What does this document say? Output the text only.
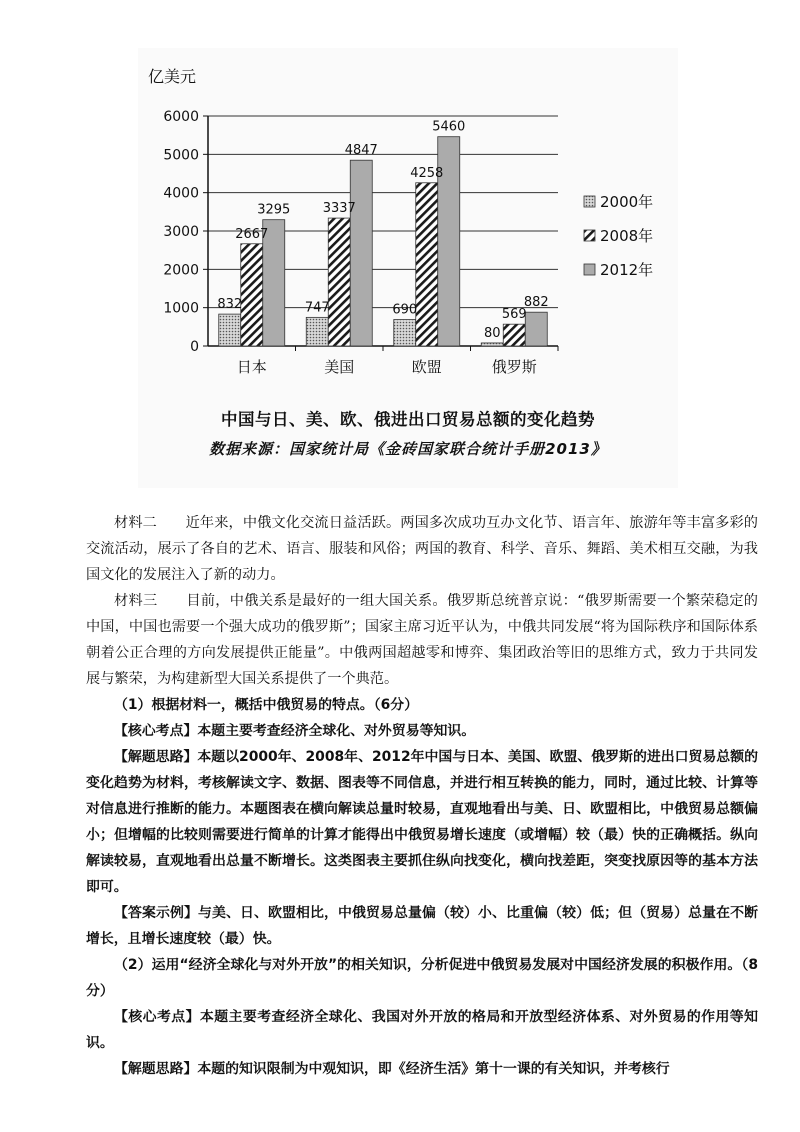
亿美元
0
1000
2000
3000
4000
5000
6000
832
2667
3295
日本
747
3337
4847
美国
690
4258
5460
欧盟
80
569
882
俄罗斯
2000年
2008年
2012年
中国与日、美、欧、俄进出口贸易总额的变化趋势
数据来源：国家统计局《金砖国家联合统计手册2013》

材料二　　近年来，中俄文化交流日益活跃。两国多次成功互办文化节、语言年、旅游年等丰富多彩的交流活动，展示了各自的艺术、语言、服装和风俗；两国的教育、科学、音乐、舞蹈、美术相互交融，为我国文化的发展注入了新的动力。

材料三　　目前，中俄关系是最好的一组大国关系。俄罗斯总统普京说：“俄罗斯需要一个繁荣稳定的中国，中国也需要一个强大成功的俄罗斯”；国家主席习近平认为，中俄共同发展“将为国际秩序和国际体系朝着公正合理的方向发展提供正能量”。中俄两国超越零和博弈、集团政治等旧的思维方式，致力于共同发展与繁荣，为构建新型大国关系提供了一个典范。

（1）根据材料一，概括中俄贸易的特点。（6分）

【核心考点】本题主要考查经济全球化、对外贸易等知识。

【解题思路】本题以2000年、2008年、2012年中国与日本、美国、欧盟、俄罗斯的进出口贸易总额的变化趋势为材料，考核解读文字、数据、图表等不同信息，并进行相互转换的能力，同时，通过比较、计算等对信息进行推断的能力。本题图表在横向解读总量时较易，直观地看出与美、日、欧盟相比，中俄贸易总额偏小；但增幅的比较则需要进行简单的计算才能得出中俄贸易增长速度（或增幅）较（最）快的正确概括。纵向解读较易，直观地看出总量不断增长。这类图表主要抓住纵向找变化，横向找差距，突变找原因等的基本方法即可。

【答案示例】与美、日、欧盟相比，中俄贸易总量偏（较）小、比重偏（较）低；但（贸易）总量在不断增长，且增长速度较（最）快。

（2）运用“经济全球化与对外开放”的相关知识，分析促进中俄贸易发展对中国经济发展的积极作用。（8分）

【核心考点】本题主要考查经济全球化、我国对外开放的格局和开放型经济体系、对外贸易的作用等知识。

【解题思路】本题的知识限制为中观知识，即《经济生活》第十一课的有关知识，并考核行
